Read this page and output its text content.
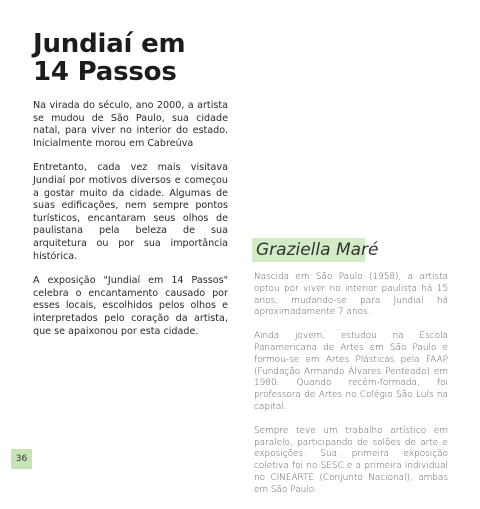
Jundiaí em
14 Passos

Na virada do século, ano 2000, a artista se mudou de São Paulo, sua cidade natal, para viver no interior do estado. Inicialmente morou em Cabreúva

Entretanto, cada vez mais visitava Jundiaí por motivos diversos e começou a gostar muito da cidade. Algumas de suas edificações, nem sempre pontos turísticos, encantaram seus olhos de paulistana pela beleza de sua arquitetura ou por sua importância histórica.

A exposição "Jundiaí em 14 Passos" celebra o encantamento causado por esses locais, escolhidos pelos olhos e interpretados pelo coração da artista, que se apaixonou por esta cidade.

Graziella Maré

Nascida em São Paulo (1958), a artista optou por viver no interior paulista há 15 anos, mudando-se para Jundiaí há aproximadamente 7 anos.

Ainda jovem, estudou na Escola Panamericana de Artes em São Paulo e formou-se em Artes Plásticas pela FAAP (Fundação Armando Álvares Penteado) em 1980. Quando recém-formada, foi professora de Artes no Colégio São Luís na capital.

Sempre teve um trabalho artístico em paralelo, participando de salões de arte e exposições. Sua primeira exposição coletiva foi no SESC e a primeira individual no CINEARTE (Conjunto Nacional), ambas em São Paulo.

36
